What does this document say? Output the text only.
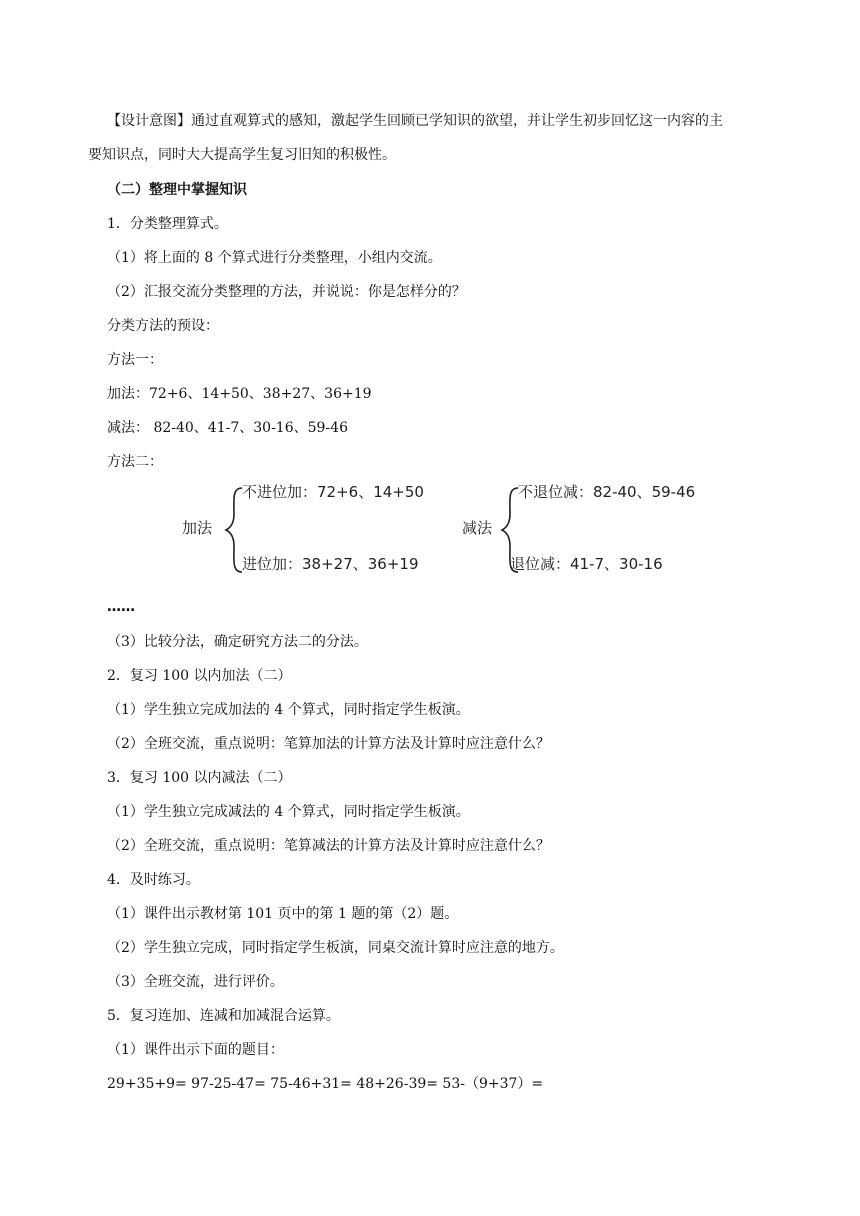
【设计意图】通过直观算式的感知，激起学生回顾已学知识的欲望，并让学生初步回忆这一内容的主
要知识点，同时大大提高学生复习旧知的积极性。
（二）整理中掌握知识
1．分类整理算式。
（1）将上面的 8 个算式进行分类整理，小组内交流。
（2）汇报交流分类整理的方法，并说说：你是怎样分的？
分类方法的预设：
方法一：
加法：72+6、14+50、38+27、36+19
减法： 82-40、41-7、30-16、59-46
方法二：
加法
不进位加：72+6、14+50
进位加：38+27、36+19
减法
不退位减：82-40、59-46
退位减：41-7、30-16
……
（3）比较分法，确定研究方法二的分法。
2．复习 100 以内加法（二）
（1）学生独立完成加法的 4 个算式，同时指定学生板演。
（2）全班交流，重点说明：笔算加法的计算方法及计算时应注意什么？
3．复习 100 以内减法（二）
（1）学生独立完成减法的 4 个算式，同时指定学生板演。
（2）全班交流，重点说明：笔算减法的计算方法及计算时应注意什么？
4．及时练习。
（1）课件出示教材第 101 页中的第 1 题的第（2）题。
（2）学生独立完成，同时指定学生板演，同桌交流计算时应注意的地方。
（3）全班交流，进行评价。
5．复习连加、连减和加减混合运算。
（1）课件出示下面的题目：
29+35+9= 97-25-47= 75-46+31= 48+26-39= 53-（9+37）=
